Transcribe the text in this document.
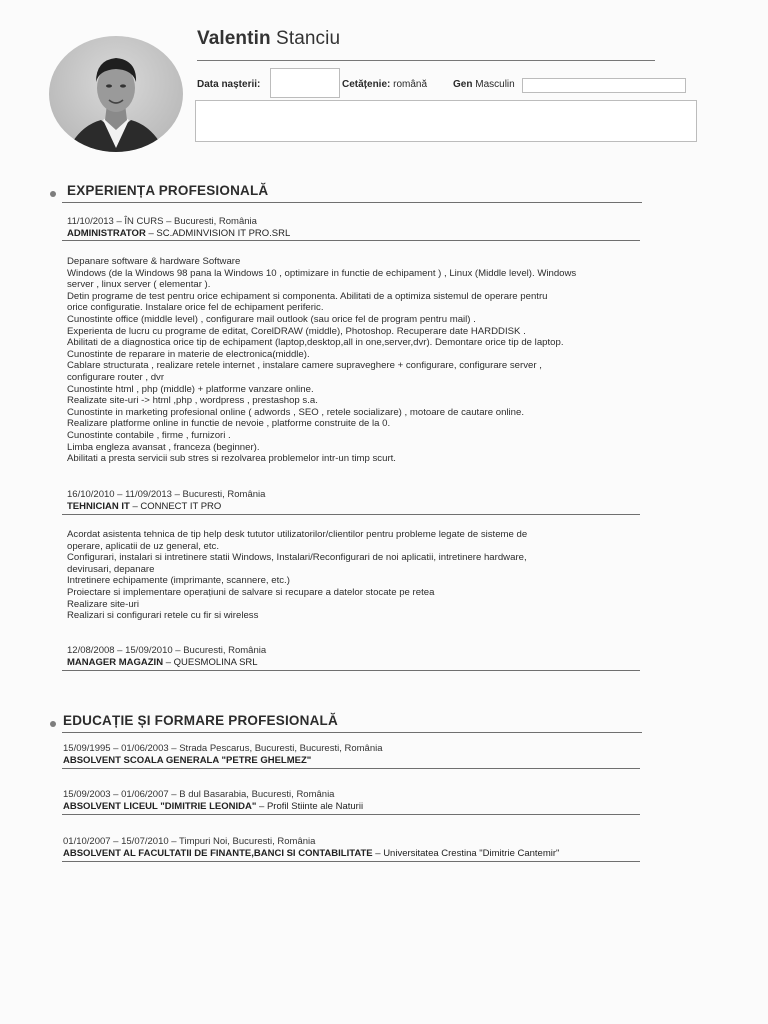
Valentin Stanciu
Data nașterii:	Cetățenie: română	Gen Masculin
EXPERIENȚA PROFESIONALĂ
11/10/2013 – ÎN CURS – Bucuresti, România
ADMINISTRATOR – SC.ADMINVISION IT PRO.SRL
Depanare software & hardware Software
Windows (de la Windows 98 pana la Windows 10 , optimizare in functie de echipament ) , Linux (Middle level). Windows
server , linux server ( elementar ).
Detin programe de test pentru orice echipament si componenta. Abilitati de a optimiza sistemul de operare pentru
orice configuratie. Instalare orice fel de echipament periferic.
Cunostinte office (middle level) , configurare mail outlook (sau orice fel de program pentru mail) .
Experienta de lucru cu programe de editat, CorelDRAW (middle), Photoshop. Recuperare date HARDDISK .
Abilitati de a diagnostica orice tip de echipament (laptop,desktop,all in one,server,dvr). Demontare orice tip de laptop.
Cunostinte de reparare in materie de electronica(middle).
Cablare structurata , realizare retele internet , instalare camere supraveghere + configurare, configurare server ,
configurare router , dvr
Cunostinte html , php (middle) + platforme vanzare online.
Realizate site-uri -> html ,php , wordpress , prestashop s.a.
Cunostinte in marketing profesional online ( adwords , SEO , retele socializare) , motoare de cautare online.
Realizare platforme online in functie de nevoie , platforme construite de la 0.
Cunostinte contabile , firme , furnizori .
Limba engleza avansat , franceza (beginner).
Abilitati a presta servicii sub stres si rezolvarea problemelor intr-un timp scurt.
16/10/2010 – 11/09/2013 – Bucuresti, România
TEHNICIAN IT – CONNECT IT PRO
Acordat asistenta tehnica de tip help desk tututor utilizatorilor/clientilor pentru probleme legate de sisteme de
operare, aplicatii de uz general, etc.
Configurari, instalari si intretinere statii Windows, Instalari/Reconfigurari de noi aplicatii, intretinere hardware,
devirusari, depanare
Intretinere echipamente (imprimante, scannere, etc.)
Proiectare si implementare operațiuni de salvare si recupare a datelor stocate pe retea
Realizare site-uri
Realizari si configurari retele cu fir si wireless
12/08/2008 – 15/09/2010 – Bucuresti, România
MANAGER MAGAZIN – QUESMOLINA SRL
EDUCAȚIE ȘI FORMARE PROFESIONALĂ
15/09/1995 – 01/06/2003 – Strada Pescarus, Bucuresti, Bucuresti, România
ABSOLVENT SCOALA GENERALA "PETRE GHELMEZ"
15/09/2003 – 01/06/2007 – B dul Basarabia, Bucuresti, România
ABSOLVENT LICEUL "DIMITRIE LEONIDA" – Profil Stiinte ale Naturii
01/10/2007 – 15/07/2010 – Timpuri Noi, Bucuresti, România
ABSOLVENT AL FACULTATII DE FINANTE,BANCI SI CONTABILITATE – Universitatea Crestina "Dimitrie Cantemir"
